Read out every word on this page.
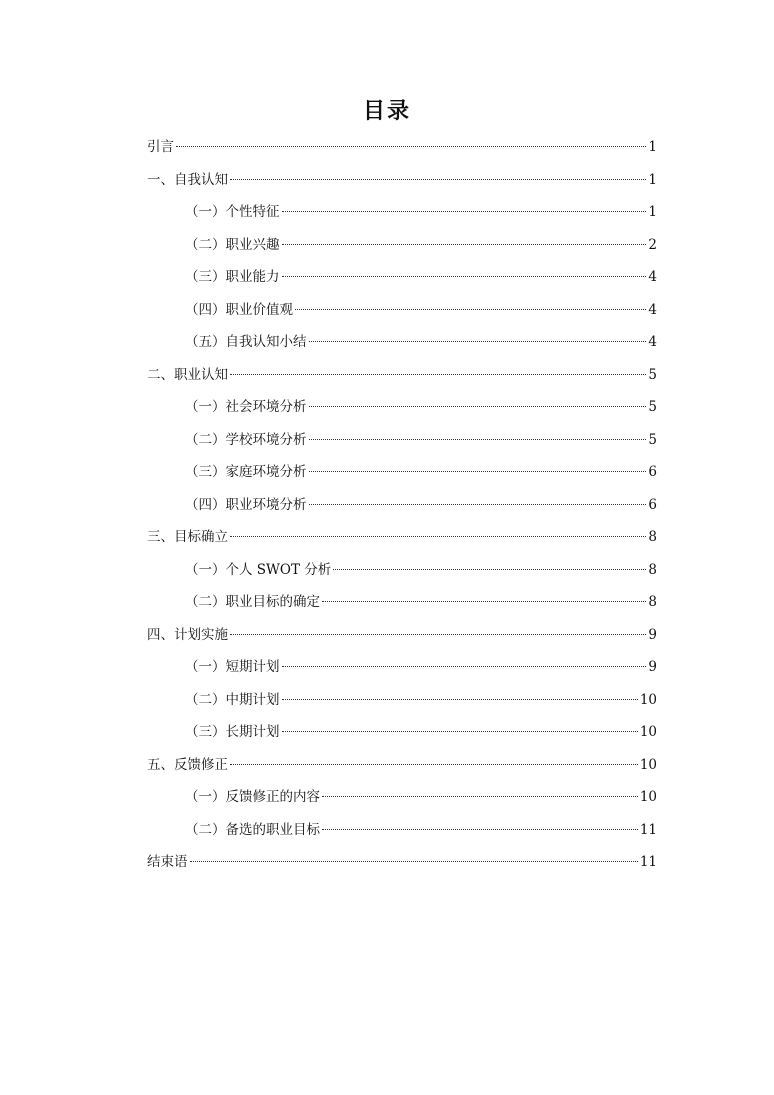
目录
引言	1
一、自我认知	1
（一）个性特征	1
（二）职业兴趣	2
（三）职业能力	4
（四）职业价值观	4
（五）自我认知小结	4
二、职业认知	5
（一）社会环境分析	5
（二）学校环境分析	5
（三）家庭环境分析	6
（四）职业环境分析	6
三、目标确立	8
（一）个人 SWOT 分析	8
（二）职业目标的确定	8
四、计划实施	9
（一）短期计划	9
（二）中期计划	10
（三）长期计划	10
五、反馈修正	10
（一）反馈修正的内容	10
（二）备选的职业目标	11
结束语	11
